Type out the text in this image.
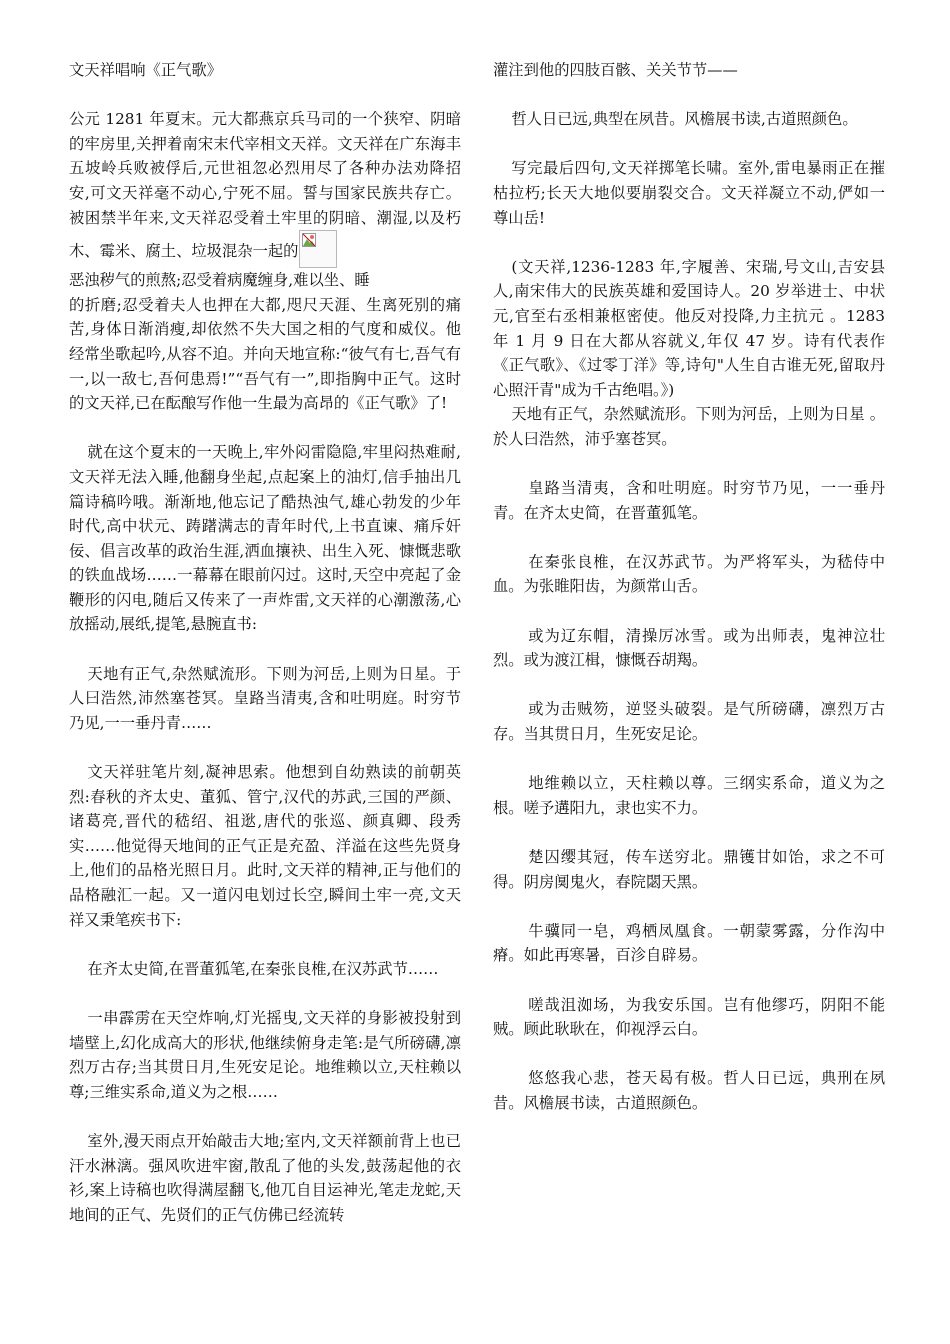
文天祥唱响《正气歌》

公元 1281 年夏末。元大都燕京兵马司的一个狭窄、阴暗的牢房里,关押着南宋末代宰相文天祥。文天祥在广东海丰五坡岭兵败被俘后,元世祖忽必烈用尽了各种办法劝降招安,可文天祥毫不动心,宁死不屈。誓与国家民族共存亡。被困禁半年来,文天祥忍受着土牢里的阴暗、潮湿,以及朽木、霉米、腐土、垃圾混杂一起的

恶浊秽气的煎熬;忍受着病魔缠身,难以坐、睡
的折磨;忍受着夫人也押在大都,咫尺天涯、生离死别的痛苦,身体日渐消瘦,却依然不失大国之相的气度和威仪。他经常坐歌起吟,从容不迫。并向天地宣称:“彼气有七,吾气有一,以一敌七,吾何患焉!”“吾气有一”,即指胸中正气。这时的文天祥,已在酝酿写作他一生最为高昂的《正气歌》了!

就在这个夏末的一天晚上,牢外闷雷隐隐,牢里闷热难耐,文天祥无法入睡,他翻身坐起,点起案上的油灯,信手抽出几篇诗稿吟哦。渐渐地,他忘记了酷热浊气,雄心勃发的少年时代,高中状元、踌躇满志的青年时代,上书直谏、痛斥奸佞、倡言改革的政治生涯,洒血攘袂、出生入死、慷慨悲歌的铁血战场……一幕幕在眼前闪过。这时,天空中亮起了金鞭形的闪电,随后又传来了一声炸雷,文天祥的心潮激荡,心放摇动,展纸,提笔,悬腕直书:

天地有正气,杂然赋流形。下则为河岳,上则为日星。于人曰浩然,沛然塞苍冥。皇路当清夷,含和吐明庭。时穷节乃见,一一垂丹青……

文天祥驻笔片刻,凝神思索。他想到自幼熟读的前朝英烈:春秋的齐太史、董狐、管宁,汉代的苏武,三国的严颜、诸葛亮,晋代的嵇绍、祖逖,唐代的张巡、颜真卿、段秀实……他觉得天地间的正气正是充盈、洋溢在这些先贤身上,他们的品格光照日月。此时,文天祥的精神,正与他们的品格融汇一起。又一道闪电划过长空,瞬间土牢一亮,文天祥又秉笔疾书下:

在齐太史简,在晋董狐笔,在秦张良椎,在汉苏武节……

一串霹雳在天空炸响,灯光摇曳,文天祥的身影被投射到墙壁上,幻化成高大的形状,他继续俯身走笔:是气所磅礴,凛烈万古存;当其贯日月,生死安足论。地维赖以立,天柱赖以尊;三维实系命,道义为之根……

室外,漫天雨点开始敲击大地;室内,文天祥额前背上也已汗水淋漓。强风吹进牢窗,散乱了他的头发,鼓荡起他的衣衫,案上诗稿也吹得满屋翻飞,他兀自目运神光,笔走龙蛇,天地间的正气、先贤们的正气仿佛已经流转

灌注到他的四肢百骸、关关节节——

哲人日已远,典型在夙昔。风檐展书读,古道照颜色。

写完最后四句,文天祥掷笔长啸。室外,雷电暴雨正在摧枯拉朽;长天大地似要崩裂交合。文天祥凝立不动,俨如一尊山岳!

(文天祥,1236-1283 年,字履善、宋瑞,号文山,吉安县人,南宋伟大的民族英雄和爱国诗人。20 岁举进士、中状元,官至右丞相兼枢密使。他反对投降,力主抗元 。1283 年 1 月 9 日在大都从容就义,年仅 47 岁。诗有代表作《正气歌》、《过零丁洋》等,诗句"人生自古谁无死,留取丹心照汗青"成为千古绝唱。》)

天地有正气，杂然赋流形。下则为河岳，上则为日星 。於人曰浩然，沛乎塞苍冥。

皇路当清夷，含和吐明庭。时穷节乃见，一一垂丹青。在齐太史简，在晋董狐笔。

在秦张良椎，在汉苏武节。为严将军头，为嵇侍中血。为张睢阳齿，为颜常山舌。

或为辽东帽，清操厉冰雪。或为出师表，鬼神泣壮烈。或为渡江楫，慷慨吞胡羯。

或为击贼笏，逆竖头破裂。是气所磅礴，凛烈万古存。当其贯日月，生死安足论。

地维赖以立，天柱赖以尊。三纲实系命，道义为之根。嗟予遘阳九，隶也实不力。

楚囚缨其冠，传车送穷北。鼎镬甘如饴，求之不可得。阴房阒鬼火，春院閟天黑。

牛骥同一皂，鸡栖凤凰食。一朝蒙雾露，分作沟中瘠。如此再寒暑，百沴自辟易。

嗟哉沮洳场，为我安乐国。岂有他缪巧，阴阳不能贼。顾此耿耿在，仰视浮云白。

悠悠我心悲，苍天曷有极。哲人日已远，典刑在夙昔。风檐展书读，古道照颜色。
